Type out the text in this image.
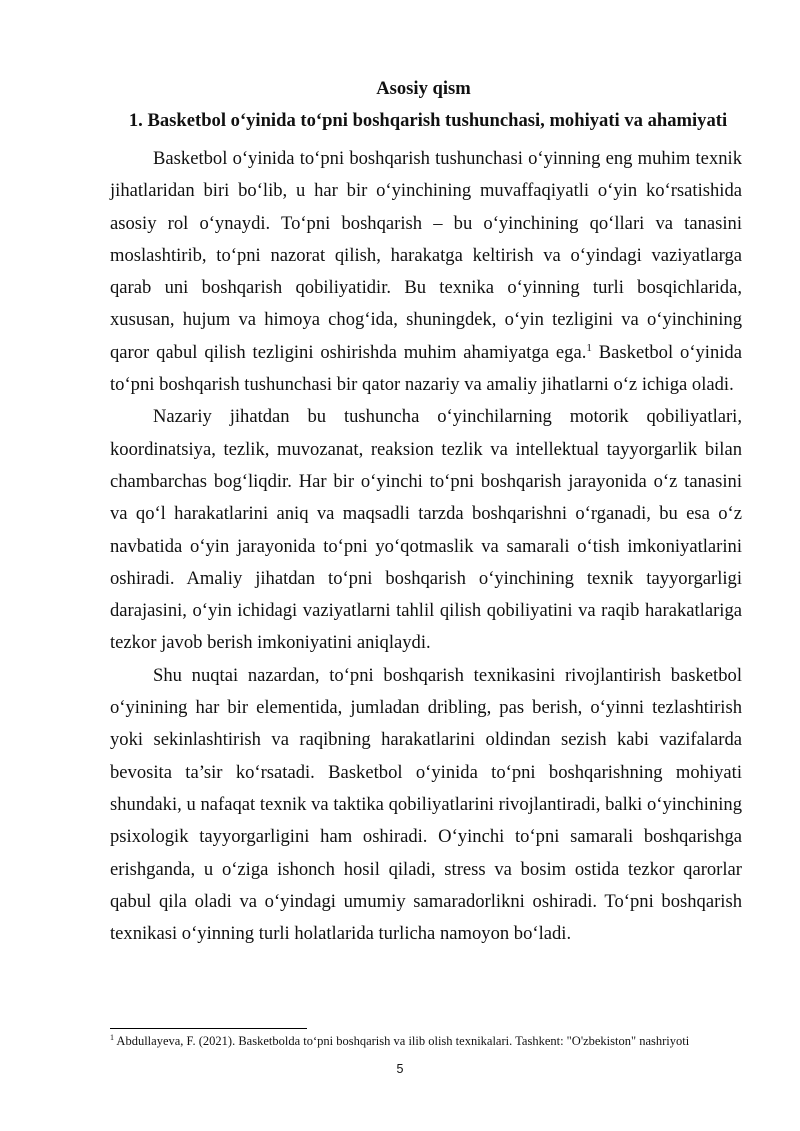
Asosiy qism
1. Basketbol o‘yinida to‘pni boshqarish tushunchasi, mohiyati va ahamiyati

Basketbol o‘yinida to‘pni boshqarish tushunchasi o‘yinning eng muhim texnik jihatlaridan biri bo‘lib, u har bir o‘yinchining muvaffaqiyatli o‘yin ko‘rsatishida asosiy rol o‘ynaydi. To‘pni boshqarish – bu o‘yinchining qo‘llari va tanasini moslashtirib, to‘pni nazorat qilish, harakatga keltirish va o‘yindagi vaziyatlarga qarab uni boshqarish qobiliyatidir. Bu texnika o‘yinning turli bosqichlarida, xususan, hujum va himoya chog‘ida, shuningdek, o‘yin tezligini va o‘yinchining qaror qabul qilish tezligini oshirishda muhim ahamiyatga ega.$^1$ Basketbol o‘yinida to‘pni boshqarish tushunchasi bir qator nazariy va amaliy jihatlarni o‘z ichiga oladi.

Nazariy jihatdan bu tushuncha o‘yinchilarning motorik qobiliyatlari, koordinatsiya, tezlik, muvozanat, reaksion tezlik va intellektual tayyorgarlik bilan chambarchas bog‘liqdir. Har bir o‘yinchi to‘pni boshqarish jarayonida o‘z tanasini va qo‘l harakatlarini aniq va maqsadli tarzda boshqarishni o‘rganadi, bu esa o‘z navbatida o‘yin jarayonida to‘pni yo‘qotmaslik va samarali o‘tish imkoniyatlarini oshiradi. Amaliy jihatdan to‘pni boshqarish o‘yinchining texnik tayyorgarligi darajasini, o‘yin ichidagi vaziyatlarni tahlil qilish qobiliyatini va raqib harakatlariga tezkor javob berish imkoniyatini aniqlaydi.

Shu nuqtai nazardan, to‘pni boshqarish texnikasini rivojlantirish basketbol o‘yinining har bir elementida, jumladan dribling, pas berish, o‘yinni tezlashtirish yoki sekinlashtirish va raqibning harakatlarini oldindan sezish kabi vazifalarda bevosita ta’sir ko‘rsatadi. Basketbol o‘yinida to‘pni boshqarishning mohiyati shundaki, u nafaqat texnik va taktika qobiliyatlarini rivojlantiradi, balki o‘yinchining psixologik tayyorgarligini ham oshiradi. O‘yinchi to‘pni samarali boshqarishga erishganda, u o‘ziga ishonch hosil qiladi, stress va bosim ostida tezkor qarorlar qabul qila oladi va o‘yindagi umumiy samaradorlikni oshiradi. To‘pni boshqarish texnikasi o‘yinning turli holatlarida turlicha namoyon bo‘ladi.

$^1$ Abdullayeva, F. (2021). Basketbolda to‘pni boshqarish va ilib olish texnikalari. Tashkent: "O'zbekiston" nashriyoti
5
